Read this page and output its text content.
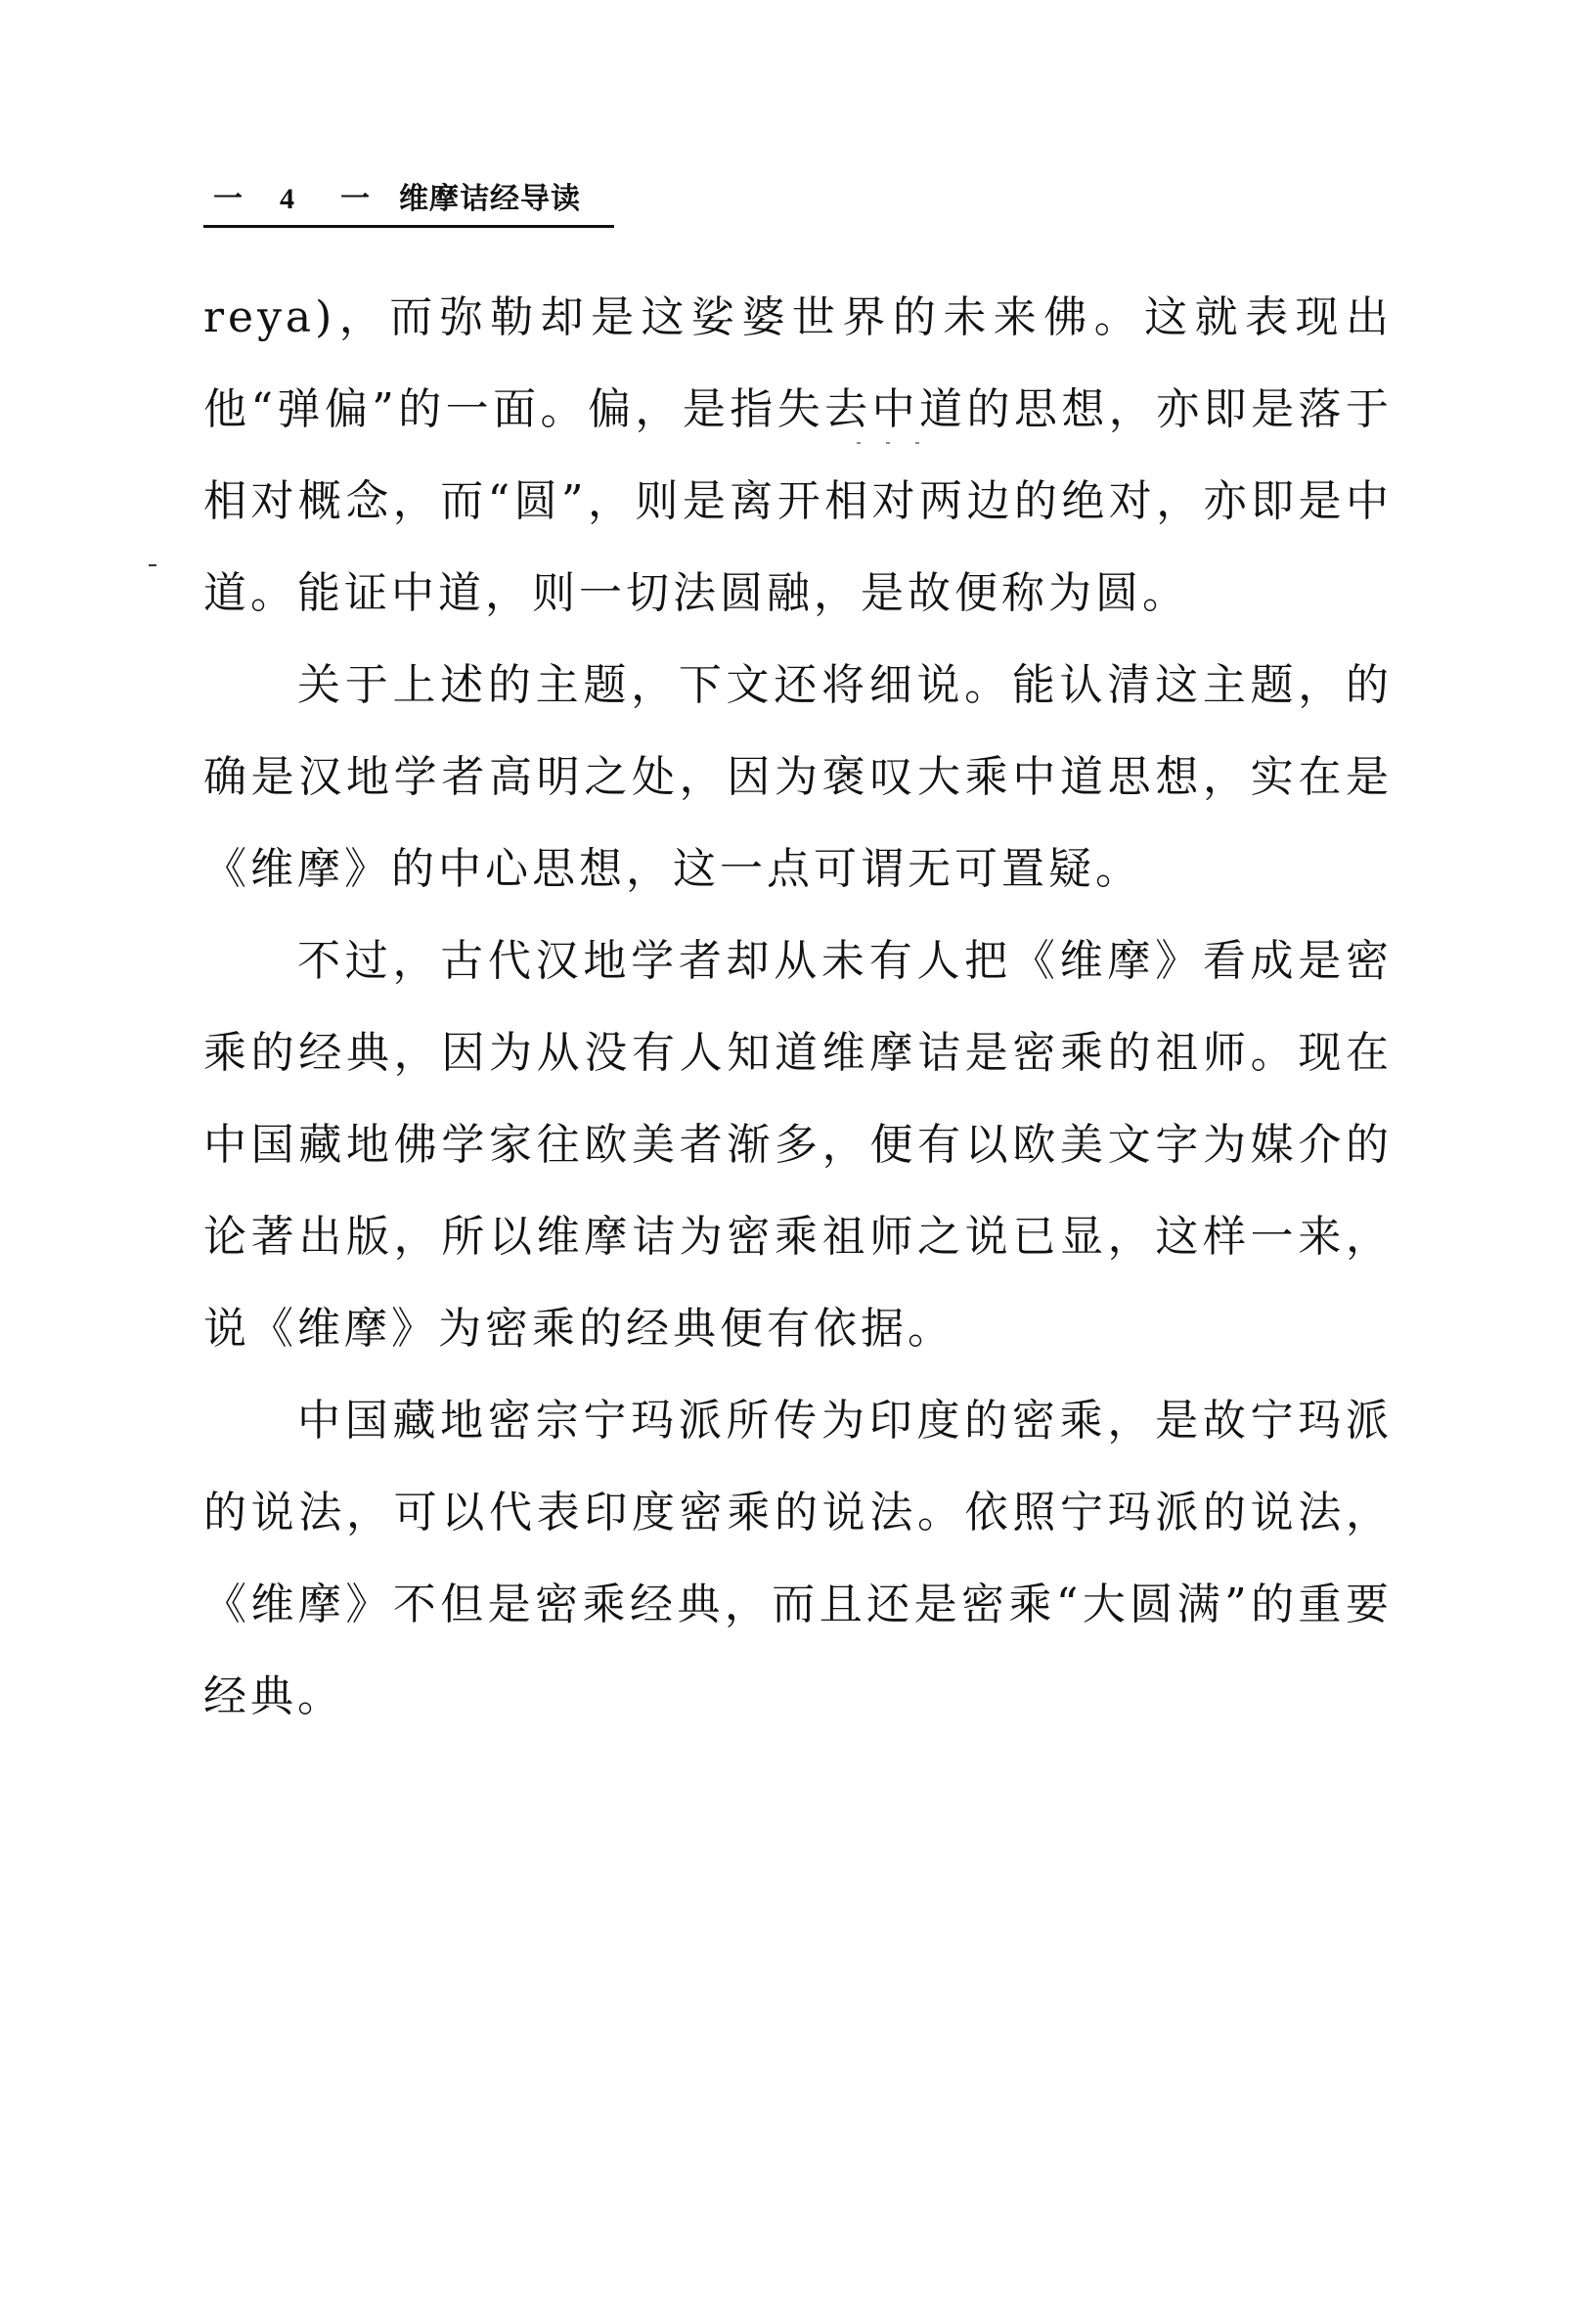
一 4 一 维摩诘经导读

reya)，而弥勒却是这娑婆世界的未来佛。这就表现出他“弹偏”的一面。偏，是指失去中道的思想，亦即是落于相对概念，而“圆”，则是离开相对两边的绝对，亦即是中道。能证中道，则一切法圆融，是故便称为圆。

关于上述的主题，下文还将细说。能认清这主题，的确是汉地学者高明之处，因为褒叹大乘中道思想，实在是《维摩》的中心思想，这一点可谓无可置疑。

不过，古代汉地学者却从未有人把《维摩》看成是密乘的经典，因为从没有人知道维摩诘是密乘的祖师。现在中国藏地佛学家往欧美者渐多，便有以欧美文字为媒介的论著出版，所以维摩诘为密乘祖师之说已显，这样一来，说《维摩》为密乘的经典便有依据。

中国藏地密宗宁玛派所传为印度的密乘，是故宁玛派的说法，可以代表印度密乘的说法。依照宁玛派的说法，《维摩》不但是密乘经典，而且还是密乘“大圆满”的重要经典。
